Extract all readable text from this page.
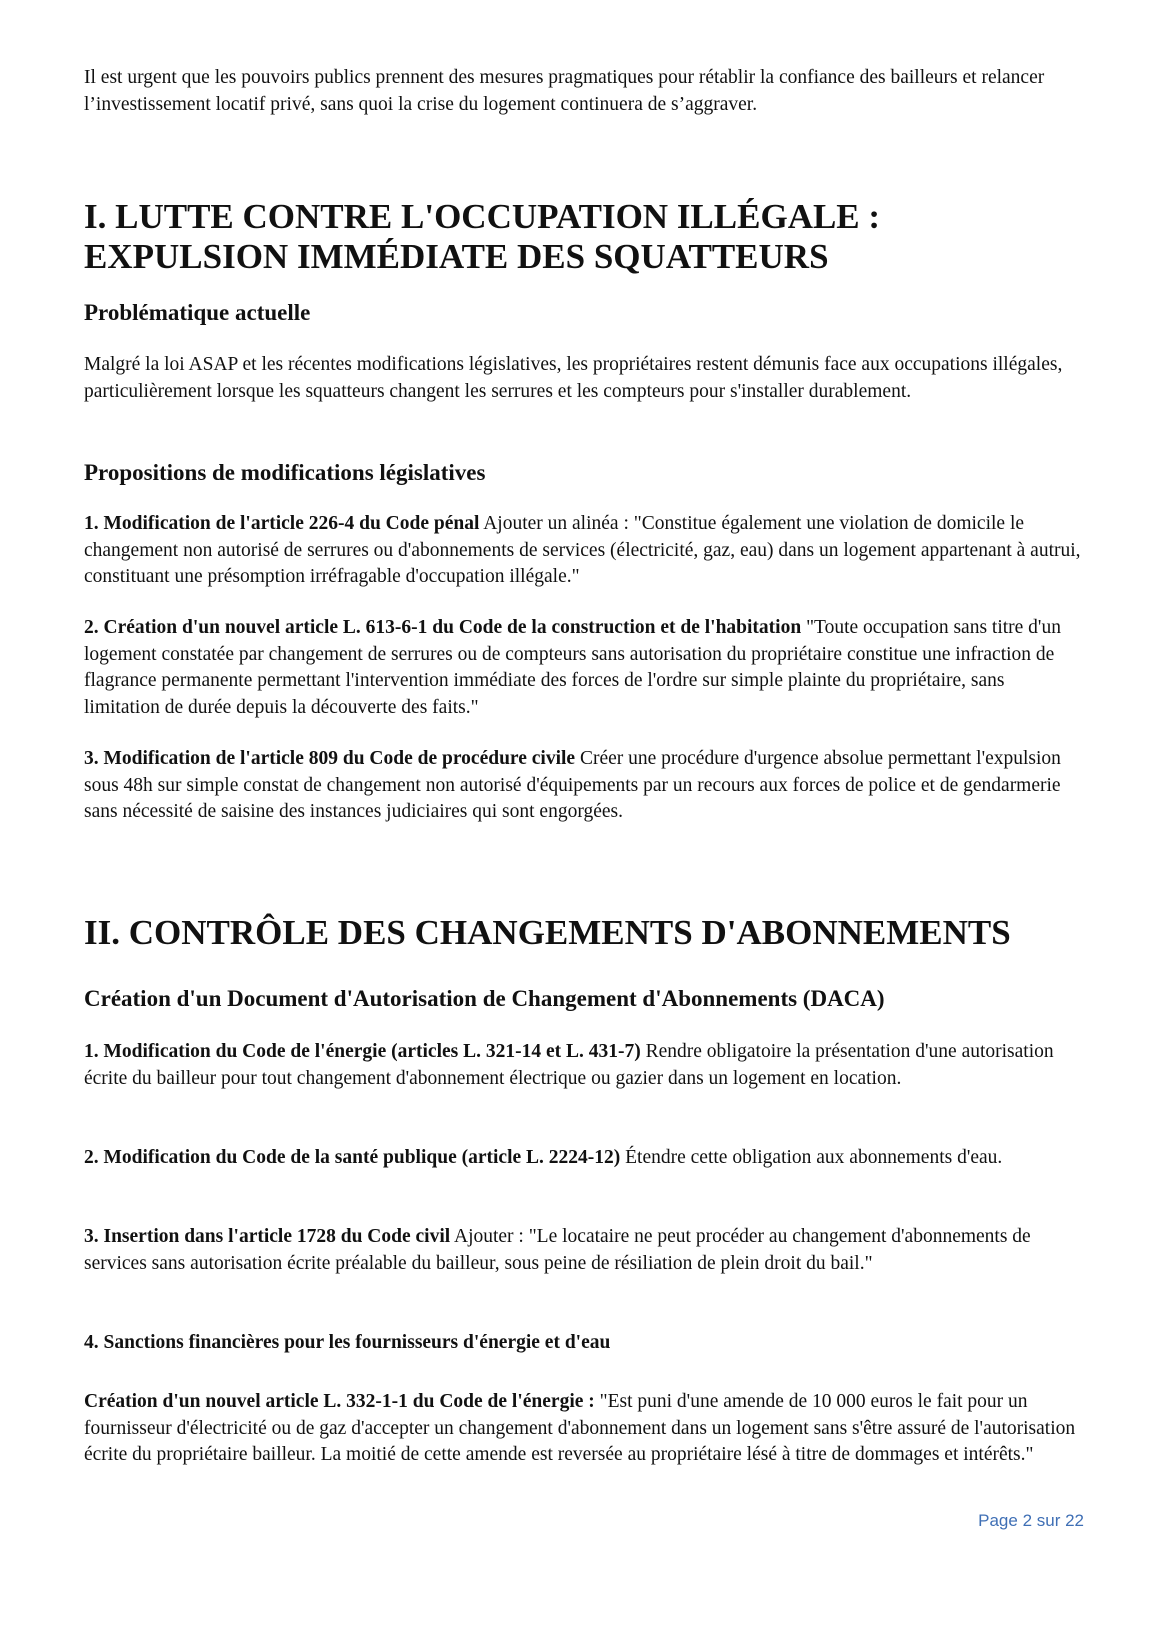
Il est urgent que les pouvoirs publics prennent des mesures pragmatiques pour rétablir la confiance des bailleurs et relancer l’investissement locatif privé, sans quoi la crise du logement continuera de s’aggraver.

I. LUTTE CONTRE L'OCCUPATION ILLÉGALE : EXPULSION IMMÉDIATE DES SQUATTEURS
Problématique actuelle

Malgré la loi ASAP et les récentes modifications législatives, les propriétaires restent démunis face aux occupations illégales, particulièrement lorsque les squatteurs changent les serrures et les compteurs pour s'installer durablement.

Propositions de modifications législatives

1. Modification de l'article 226-4 du Code pénal Ajouter un alinéa : "Constitue également une violation de domicile le changement non autorisé de serrures ou d'abonnements de services (électricité, gaz, eau) dans un logement appartenant à autrui, constituant une présomption irréfragable d'occupation illégale."

2. Création d'un nouvel article L. 613-6-1 du Code de la construction et de l'habitation "Toute occupation sans titre d'un logement constatée par changement de serrures ou de compteurs sans autorisation du propriétaire constitue une infraction de flagrance permanente permettant l'intervention immédiate des forces de l'ordre sur simple plainte du propriétaire, sans limitation de durée depuis la découverte des faits."

3. Modification de l'article 809 du Code de procédure civile Créer une procédure d'urgence absolue permettant l'expulsion sous 48h sur simple constat de changement non autorisé d'équipements par un recours aux forces de police et de gendarmerie sans nécessité de saisine des instances judiciaires qui sont engorgées.

II. CONTRÔLE DES CHANGEMENTS D'ABONNEMENTS
Création d'un Document d'Autorisation de Changement d'Abonnements (DACA)

1. Modification du Code de l'énergie (articles L. 321-14 et L. 431-7) Rendre obligatoire la présentation d'une autorisation écrite du bailleur pour tout changement d'abonnement électrique ou gazier dans un logement en location.

2. Modification du Code de la santé publique (article L. 2224-12) Étendre cette obligation aux abonnements d'eau.

3. Insertion dans l'article 1728 du Code civil Ajouter : "Le locataire ne peut procéder au changement d'abonnements de services sans autorisation écrite préalable du bailleur, sous peine de résiliation de plein droit du bail."

4. Sanctions financières pour les fournisseurs d'énergie et d'eau

Création d'un nouvel article L. 332-1-1 du Code de l'énergie : "Est puni d'une amende de 10 000 euros le fait pour un fournisseur d'électricité ou de gaz d'accepter un changement d'abonnement dans un logement sans s'être assuré de l'autorisation écrite du propriétaire bailleur. La moitié de cette amende est reversée au propriétaire lésé à titre de dommages et intérêts."

Page 2 sur 22
